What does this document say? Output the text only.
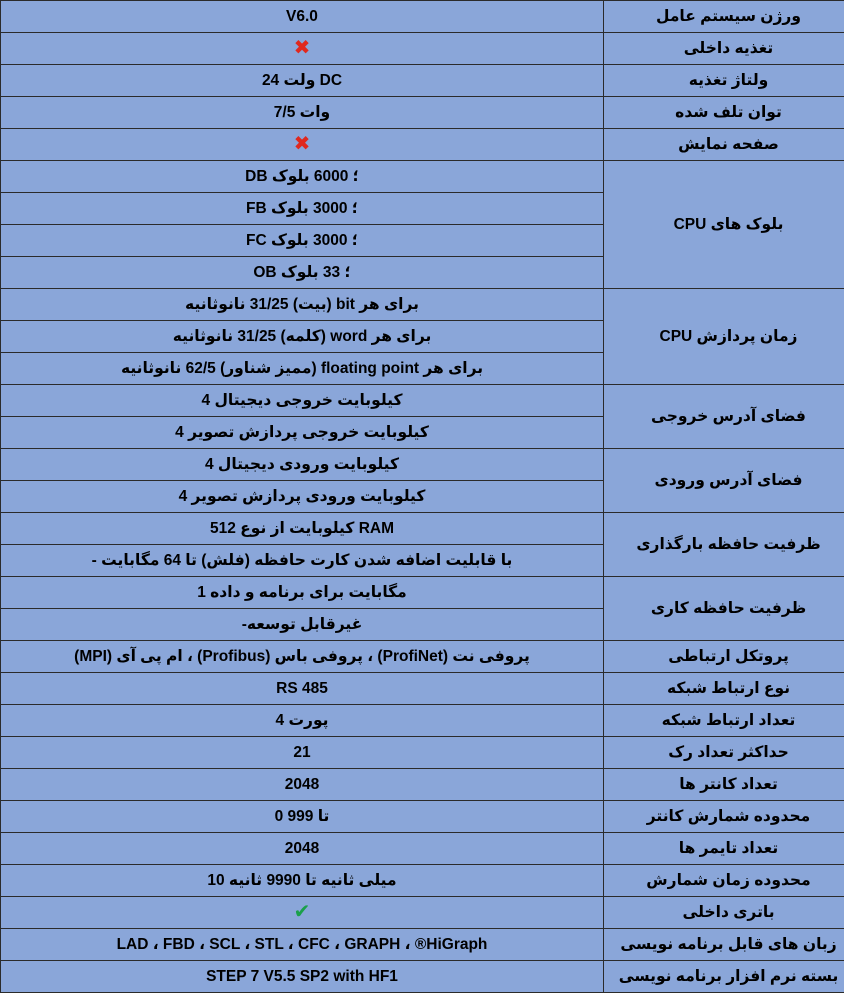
ورژن سیستم عامل	V6.0
تغذیه داخلی	✖
ولتاژ تغذیه	DC ولت 24
توان تلف شده	وات 7/5
صفحه نمایش	✖
بلوک های CPU	؛ 6000 بلوک DB
	؛ 3000 بلوک FB
	؛ 3000 بلوک FC
	؛ 33 بلوک OB
زمان پردازش CPU	برای هر bit (بیت) 31/25 نانوثانیه
	برای هر word (کلمه) 31/25 نانوثانیه
	برای هر floating point (ممیز شناور) 62/5 نانوثانیه
فضای آدرس خروجی	کیلوبایت خروجی دیجیتال 4
	کیلوبایت خروجی پردازش تصویر 4
فضای آدرس ورودی	کیلوبایت ورودی دیجیتال 4
	کیلوبایت ورودی پردازش تصویر 4
ظرفیت حافظه بارگذاری	RAM کیلوبایت از نوع 512
	با قابلیت اضافه شدن کارت حافظه (فلش) تا 64 مگابایت -
ظرفیت حافظه کاری	مگابایت برای برنامه و داده 1
	غیرقابل توسعه-
پروتکل ارتباطی	پروفی نت (ProfiNet) ، پروفی باس (Profibus) ، ام پی آی (MPI)
نوع ارتباط شبکه	RS 485
تعداد ارتباط شبکه	پورت 4
حداکثر تعداد رک	21
تعداد کانتر ها	2048
محدوده شمارش کانتر	تا 999 0
تعداد تایمر ها	2048
محدوده زمان شمارش	میلی ثانیه تا 9990 ثانیه 10
باتری داخلی	✔
زبان های قابل برنامه نویسی	LAD ، FBD ، SCL ، STL ، CFC ، GRAPH ، ®HiGraph
بسته نرم افزار برنامه نویسی	STEP 7 V5.5 SP2 with HF1
